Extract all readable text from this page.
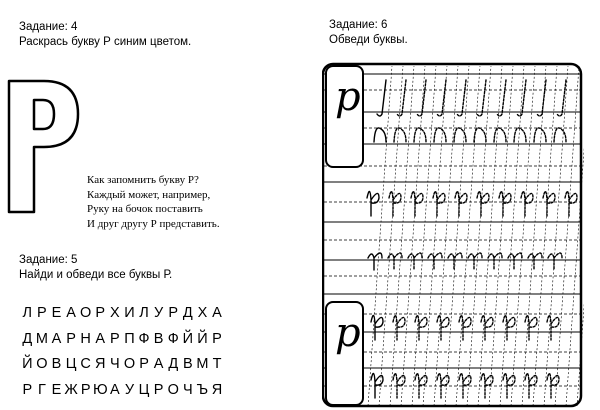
Задание: 4
Раскрась букву Р синим цветом.
Как запомнить букву Р?
Каждый может, например,
Руку на бочок поставить
И друг другу Р представить.
Задание: 5
Найди и обведи все буквы Р.
Л Р Е А О Р Х И Л У Р Д Х А
Д М А Р Н А Р П Ф В Ф Й Й Р
Й О В Ц С Я Ч О Р А Д В М Т
Р Г Е Ж Р Ю А У Ц Р О Ч Ъ Я
Задание: 6
Обведи буквы.
р
р
